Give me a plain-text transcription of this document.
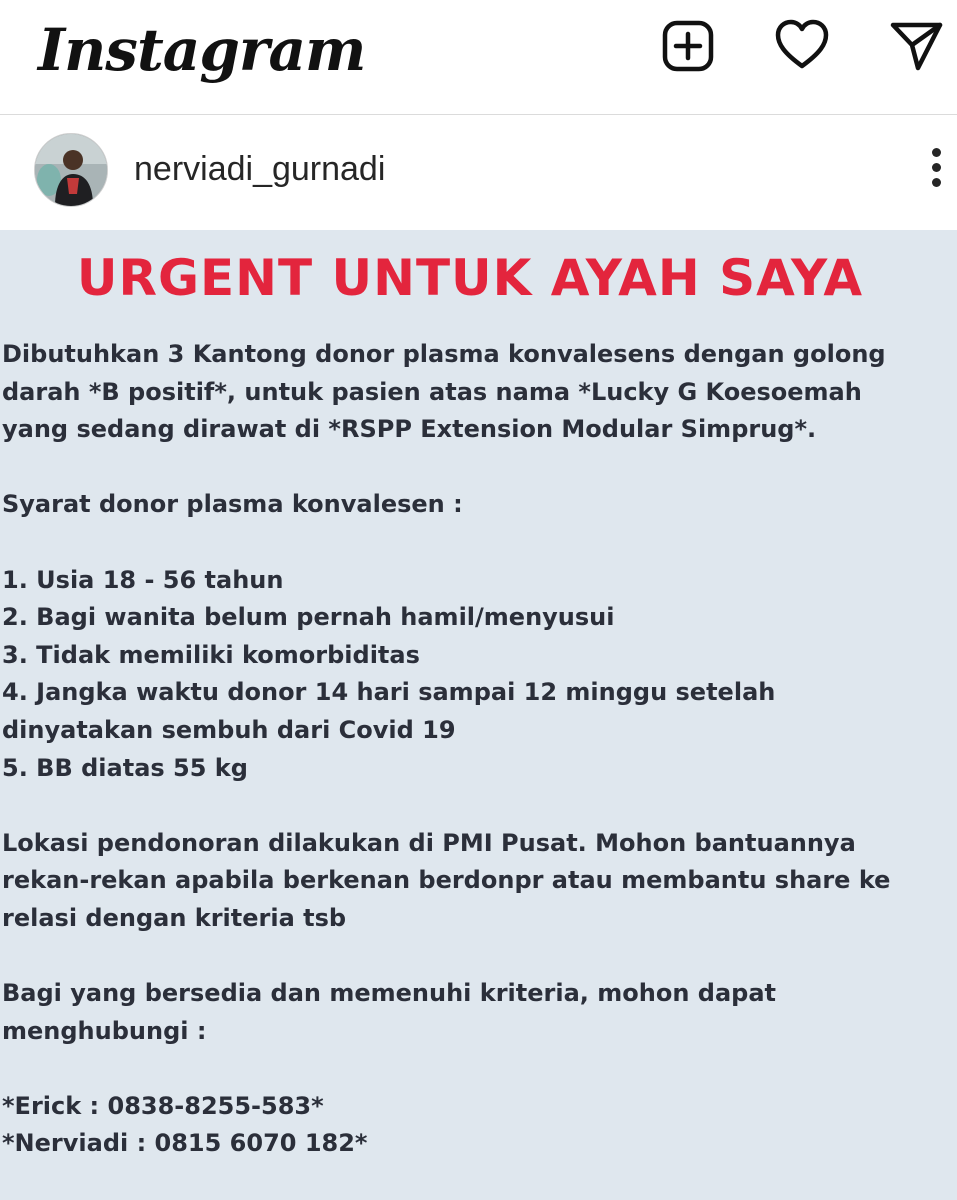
Instagram
nerviadi_gurnadi
URGENT UNTUK AYAH SAYA
Dibutuhkan 3 Kantong donor plasma konvalesens dengan golong
darah *B positif*, untuk pasien atas nama *Lucky G Koesoemah
yang sedang dirawat di *RSPP Extension Modular Simprug*.
Syarat donor plasma konvalesen :
1. Usia 18 - 56 tahun
2. Bagi wanita belum pernah hamil/menyusui
3. Tidak memiliki komorbiditas
4. Jangka waktu donor 14 hari sampai 12 minggu setelah
dinyatakan sembuh dari Covid 19
5. BB diatas 55 kg
Lokasi pendonoran dilakukan di PMI Pusat. Mohon bantuannya
rekan-rekan apabila berkenan berdonpr atau membantu share ke
relasi dengan kriteria tsb
Bagi yang bersedia dan memenuhi kriteria, mohon dapat
menghubungi :
*Erick : 0838-8255-583*
*Nerviadi : 0815 6070 182*
